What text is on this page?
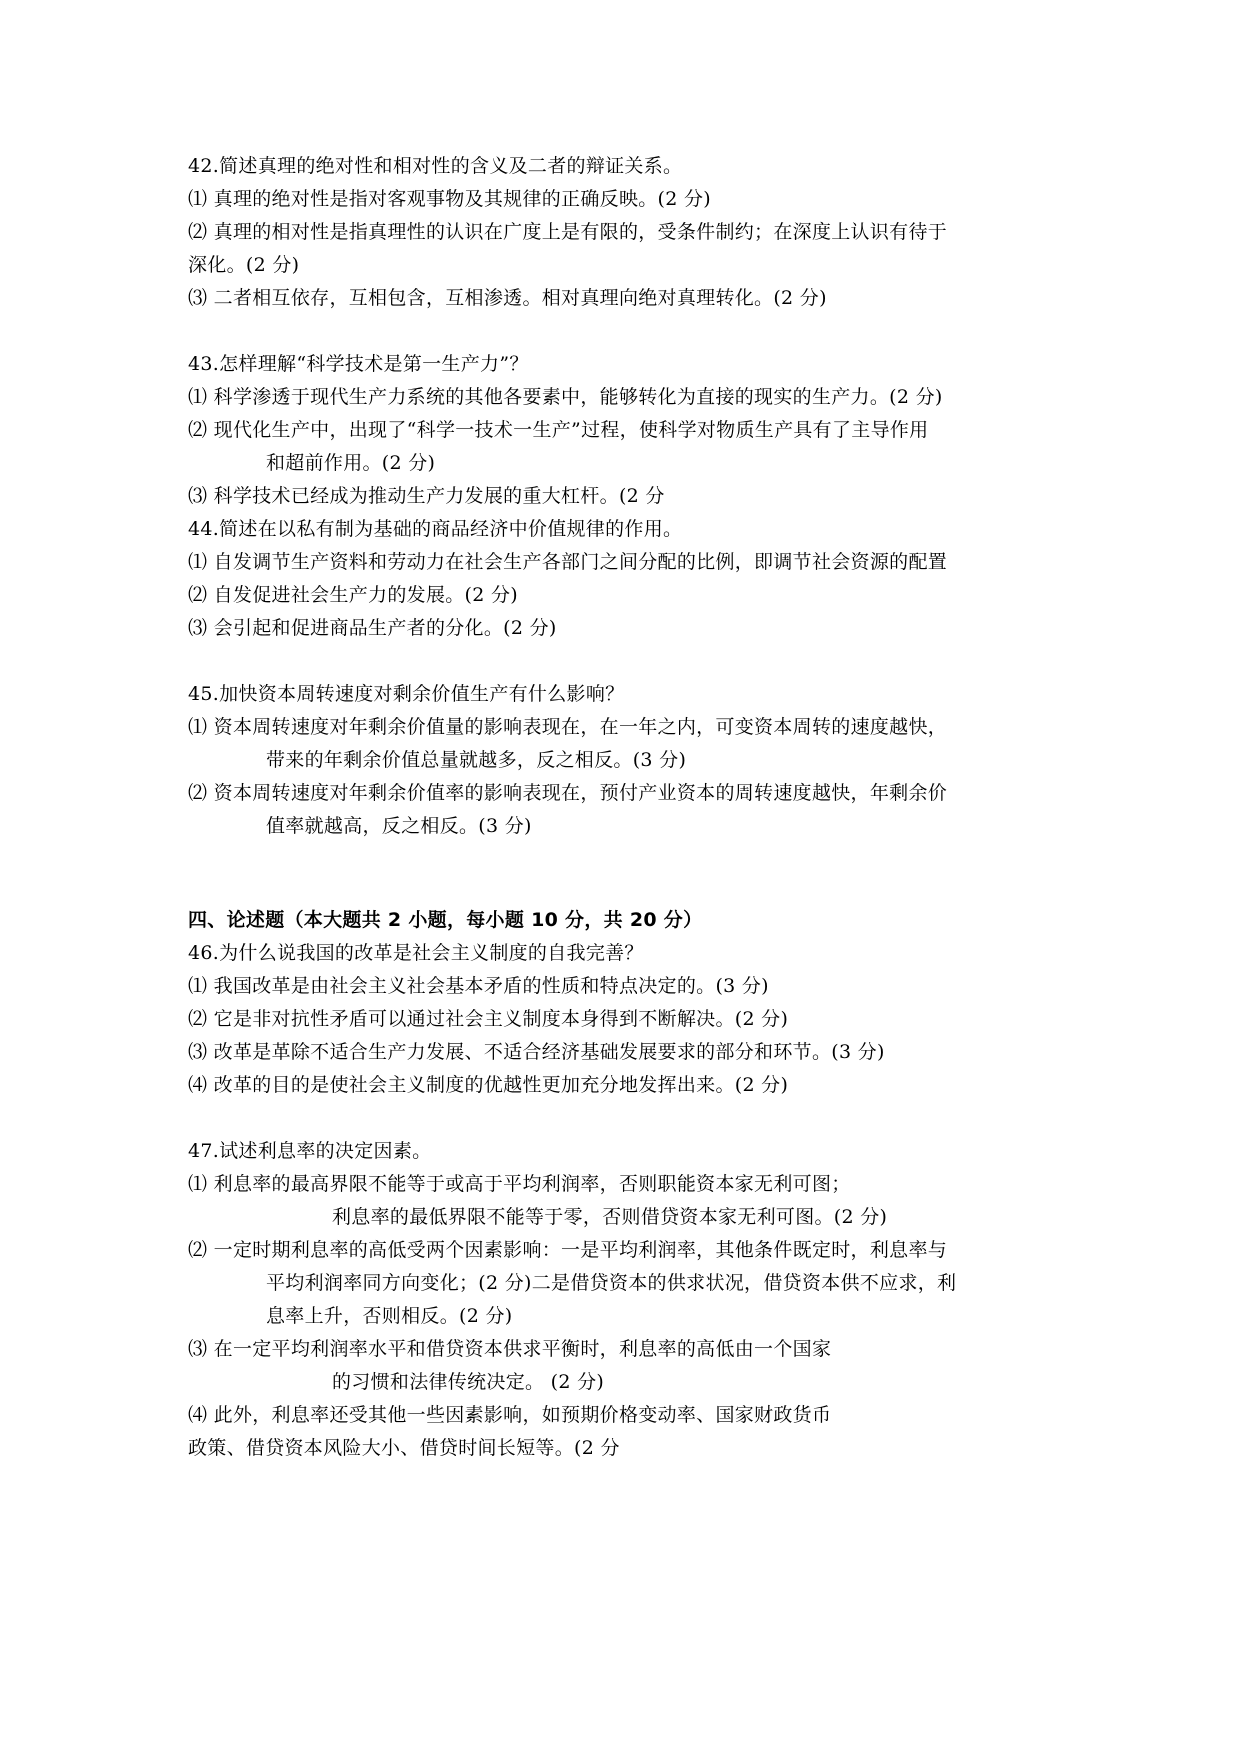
42.简述真理的绝对性和相对性的含义及二者的辩证关系。
⑴ 真理的绝对性是指对客观事物及其规律的正确反映。(2 分)
⑵ 真理的相对性是指真理性的认识在广度上是有限的，受条件制约；在深度上认识有待于
深化。(2 分)
⑶ 二者相互依存，互相包含，互相渗透。相对真理向绝对真理转化。(2 分)
43.怎样理解“科学技术是第一生产力”？
⑴ 科学渗透于现代生产力系统的其他各要素中，能够转化为直接的现实的生产力。(2 分)
⑵ 现代化生产中，出现了“科学一技术一生产”过程，使科学对物质生产具有了主导作用
和超前作用。(2 分)
⑶ 科学技术已经成为推动生产力发展的重大杠杆。(2 分
44.简述在以私有制为基础的商品经济中价值规律的作用。
⑴ 自发调节生产资料和劳动力在社会生产各部门之间分配的比例，即调节社会资源的配置
⑵ 自发促进社会生产力的发展。(2 分)
⑶ 会引起和促进商品生产者的分化。(2 分)
45.加快资本周转速度对剩余价值生产有什么影响？
⑴ 资本周转速度对年剩余价值量的影响表现在，在一年之内，可变资本周转的速度越快，
带来的年剩余价值总量就越多，反之相反。(3 分)
⑵ 资本周转速度对年剩余价值率的影响表现在，预付产业资本的周转速度越快，年剩余价
值率就越高，反之相反。(3 分)
四、论述题（本大题共 2 小题，每小题 10 分，共 20 分）
46.为什么说我国的改革是社会主义制度的自我完善？
⑴ 我国改革是由社会主义社会基本矛盾的性质和特点决定的。(3 分)
⑵ 它是非对抗性矛盾可以通过社会主义制度本身得到不断解决。(2 分)
⑶ 改革是革除不适合生产力发展、不适合经济基础发展要求的部分和环节。(3 分)
⑷ 改革的目的是使社会主义制度的优越性更加充分地发挥出来。(2 分)
47.试述利息率的决定因素。
⑴ 利息率的最高界限不能等于或高于平均利润率，否则职能资本家无利可图；
利息率的最低界限不能等于零，否则借贷资本家无利可图。(2 分)
⑵ 一定时期利息率的高低受两个因素影响：一是平均利润率，其他条件既定时，利息率与
平均利润率同方向变化；(2 分)二是借贷资本的供求状况，借贷资本供不应求，利
息率上升，否则相反。(2 分)
⑶ 在一定平均利润率水平和借贷资本供求平衡时，利息率的高低由一个国家
的习惯和法律传统决定。 (2 分)
⑷ 此外，利息率还受其他一些因素影响，如预期价格变动率、国家财政货币
政策、借贷资本风险大小、借贷时间长短等。(2 分
